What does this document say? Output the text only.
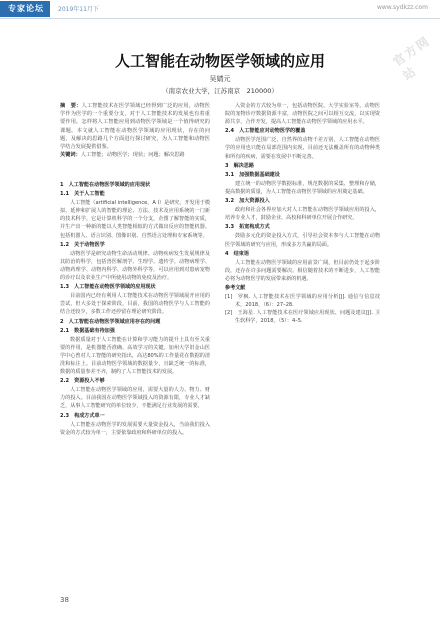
专家论坛	2019年11月下	www.sydkzz.com
官方网站
人工智能在动物医学领域的应用
吴婧元
（南京农业大学，江苏南京　210000）
摘　要：人工智能技术在医学领域已经得到广泛的应用，动物医学作为医学的一个重要分支，对于人工智能技术的发展也有着重要作用。怎样将人工智能应用到动物医学领域是一个值得研究的课题。本文就人工智能在动物医学领域的应用现状，存在的问题，及解决的思路几个方面进行探讨研究，为人工智能和动物医学结合发展提供借鉴。
关键词：人工智能；动物医学；现状；问题；解决思路
1　人工智能在动物医学领域的应用现状
1.1　关于人工智能
人工智能（artificial intelligence，A I）是研究、开发用于模拟、延伸和扩展人的智能的理论、方法、技术及应用系统的一门新的技术科学。它是计算机科学的一个分支，企图了解智能的实质，并生产出一种新的能以人类智能相似的方式做出反应的智能机器。包括机器人、语言识别、图像识别、自然语言处理和专家系统等。
1.2　关于动物医学
动物医学是研究动物生命活动规律、动物疾病发生发展规律及其防治的科学，包括兽医解剖学、生理学、遗传学、动物病理学、动物药理学、动物内科学、动物外科学等，可以应用到对患病宠物的诊疗以及农业生产中所使用动物的免疫及治疗。
1.3　人工智能在动物医学领域的应用现状
目前国内已经有利用人工智能技术在动物医学领域展开应用的尝试，但大多处于探索阶段，目前，我国的动物医学与人工智能的结合还较少，多数工作还停留在理论研究阶段。
2　人工智能在动物医学领域应用存在的问题
2.1　数据基础有待加强
数据质量对于人工智能在计算和学习能力的提升上具有至关重要的作用，是机器能否准确、高效学习的关键。加州大学旧金山医学中心曾对人工智能的研究指出，高达80%的工作量花在数据的清洗和标注上。目前动物医学领域的数据量少，且缺乏统一的标准，数据的质量参差不齐，制约了人工智能技术的发展。
2.2　资源投入不够
人工智能在动物医学领域的应用，需要大量的人力、物力、财力的投入。目前我国在动物医学领域投入的资源有限，专业人才缺乏，从事人工智能研究的单位较少，不能满足行业发展的需要。
2.3　构成方式单一
人工智能在动物医学的发展需要大量资金投入，当前我们投入资金的方式较为单一，主要依靠政府和科研单位的投入。
入资金的方式较为单一，包括动物医院、大学实验室等。动物医院的宠物诊疗数据资源丰富，动物医院之间可以相互交流，以实现资源共享，合作开发，提高人工智能在动物医学领域的应用水平。
2.4　人工智能应对动物医学的覆盖
动物医学范围广泛，自然界的动物千差万别，人工智能在动物医学的应用也只能在局部范围内实现，目前还无法覆盖所有的动物种类和所有的疾病，需要在发展中不断完善。
3　解决思路
3.1　加强数据基础建设
建立统一的动物医学数据标准，规范数据的采集、整理和存储，提高数据的质量，为人工智能在动物医学领域的应用奠定基础。
3.2　加大资源投入
政府和社会各界应加大对人工智能在动物医学领域应用的投入，培养专业人才，鼓励企业、高校和科研单位开展合作研究。
3.3　拓宽构成方式
鼓励多元化的资金投入方式，引导社会资本参与人工智能在动物医学领域的研究与应用，形成多方共赢的局面。
4　结束语
人工智能在动物医学领域的应用前景广阔，但目前仍处于起步阶段，还存在许多问题需要解决。相信随着技术的不断进步，人工智能必将为动物医学的发展带来新的机遇。
参考文献
[1]　罗枫. 人工智能技术在医学领域的应用分析[J]. 通信与信息技术，2018，（6）：27–28.
[2]　王海星. 人工智能技术在医疗领域应用现状、问题及建议[J]. 卫生软科学，2018，（5）：4–5.
38
